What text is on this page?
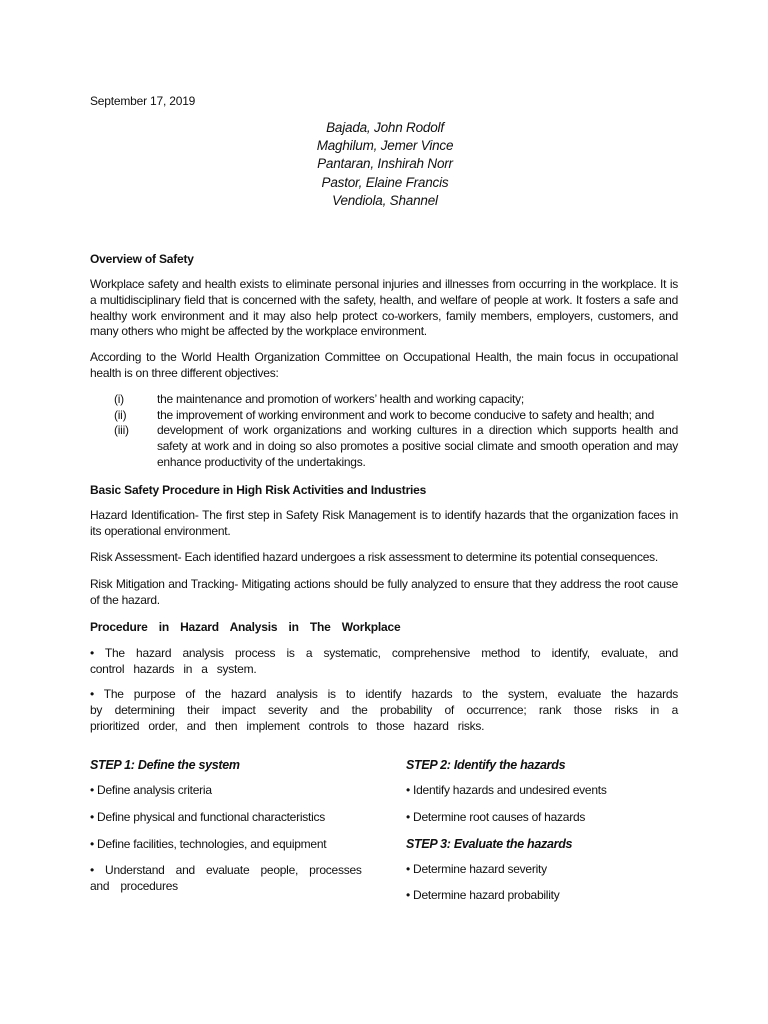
September 17, 2019
Bajada, John Rodolf
Maghilum, Jemer Vince
Pantaran, Inshirah Norr
Pastor, Elaine Francis
Vendiola, Shannel
Overview of Safety

Workplace safety and health exists to eliminate personal injuries and illnesses from occurring in the workplace. It is a multidisciplinary field that is concerned with the safety, health, and welfare of people at work. It fosters a safe and healthy work environment and it may also help protect co-workers, family members, employers, customers, and many others who might be affected by the workplace environment.

According to the World Health Organization Committee on Occupational Health, the main focus in occupational health is on three different objectives:

(i)	the maintenance and promotion of workers’ health and working capacity;
(ii)	the improvement of working environment and work to become conducive to safety and health; and
(iii)	development of work organizations and working cultures in a direction which supports health and safety at work and in doing so also promotes a positive social climate and smooth operation and may enhance productivity of the undertakings.
Basic Safety Procedure in High Risk Activities and Industries

Hazard Identification- The first step in Safety Risk Management is to identify hazards that the organization faces in its operational environment.

Risk Assessment- Each identified hazard undergoes a risk assessment to determine its potential consequences.

Risk Mitigation and Tracking- Mitigating actions should be fully analyzed to ensure that they address the root cause of the hazard.

Procedure in Hazard Analysis in The Workplace

• The hazard analysis process is a systematic, comprehensive method to identify, evaluate, and control hazards in a system.

• The purpose of the hazard analysis is to identify hazards to the system, evaluate the hazards by determining their impact severity and the probability of occurrence; rank those risks in a prioritized order, and then implement controls to those hazard risks.

STEP 1: Define the system

• Define analysis criteria

• Define physical and functional characteristics

• Define facilities, technologies, and equipment

• Understand and evaluate people, processes and procedures

STEP 2: Identify the hazards

• Identify hazards and undesired events

• Determine root causes of hazards

STEP 3: Evaluate the hazards

• Determine hazard severity

• Determine hazard probability
